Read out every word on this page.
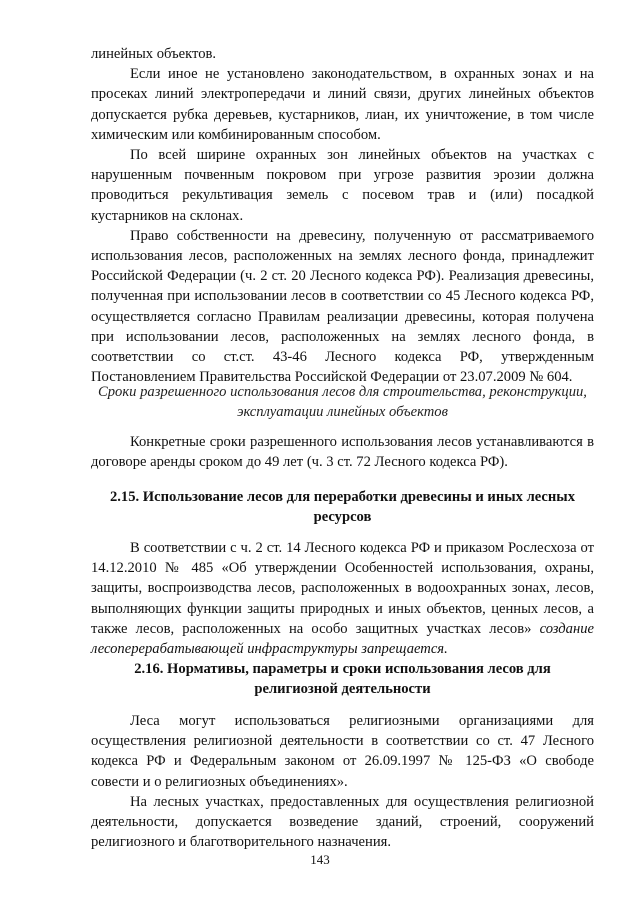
линейных объектов.

Если иное не установлено законодательством, в охранных зонах и на просеках линий электропередачи и линий связи, других линейных объектов допускается рубка деревьев, кустарников, лиан, их уничтожение, в том числе химическим или комбинированным способом.

По всей ширине охранных зон линейных объектов на участках с нарушенным почвенным покровом при угрозе развития эрозии должна проводиться рекультивация земель с посевом трав и (или) посадкой кустарников на склонах.

Право собственности на древесину, полученную от рассматриваемого использования лесов, расположенных на землях лесного фонда, принадлежит Российской Федерации (ч. 2 ст. 20 Лесного кодекса РФ). Реализация древесины, полученная при использовании лесов в соответствии со 45 Лесного кодекса РФ, осуществляется согласно Правилам реализации древесины, которая получена при использовании лесов, расположенных на землях лесного фонда, в соответствии со ст.ст. 43-46 Лесного кодекса РФ, утвержденным Постановлением Правительства Российской Федерации от 23.07.2009 № 604.

Сроки разрешенного использования лесов для строительства, реконструкции, эксплуатации линейных объектов

Конкретные сроки разрешенного использования лесов устанавливаются в договоре аренды сроком до 49 лет (ч. 3 ст. 72 Лесного кодекса РФ).

2.15. Использование лесов для переработки древесины и иных лесных ресурсов

В соответствии с ч. 2 ст. 14 Лесного кодекса РФ и приказом Рослесхоза от 14.12.2010 № 485 «Об утверждении Особенностей использования, охраны, защиты, воспроизводства лесов, расположенных в водоохранных зонах, лесов, выполняющих функции защиты природных и иных объектов, ценных лесов, а также лесов, расположенных на особо защитных участках лесов» создание лесоперерабатывающей инфраструктуры запрещается.

2.16. Нормативы, параметры и сроки использования лесов для религиозной деятельности

Леса могут использоваться религиозными организациями для осуществления религиозной деятельности в соответствии со ст. 47 Лесного кодекса РФ и Федеральным законом от 26.09.1997 № 125-ФЗ «О свободе совести и о религиозных объединениях».

На лесных участках, предоставленных для осуществления религиозной деятельности, допускается возведение зданий, строений, сооружений религиозного и благотворительного назначения.

143
